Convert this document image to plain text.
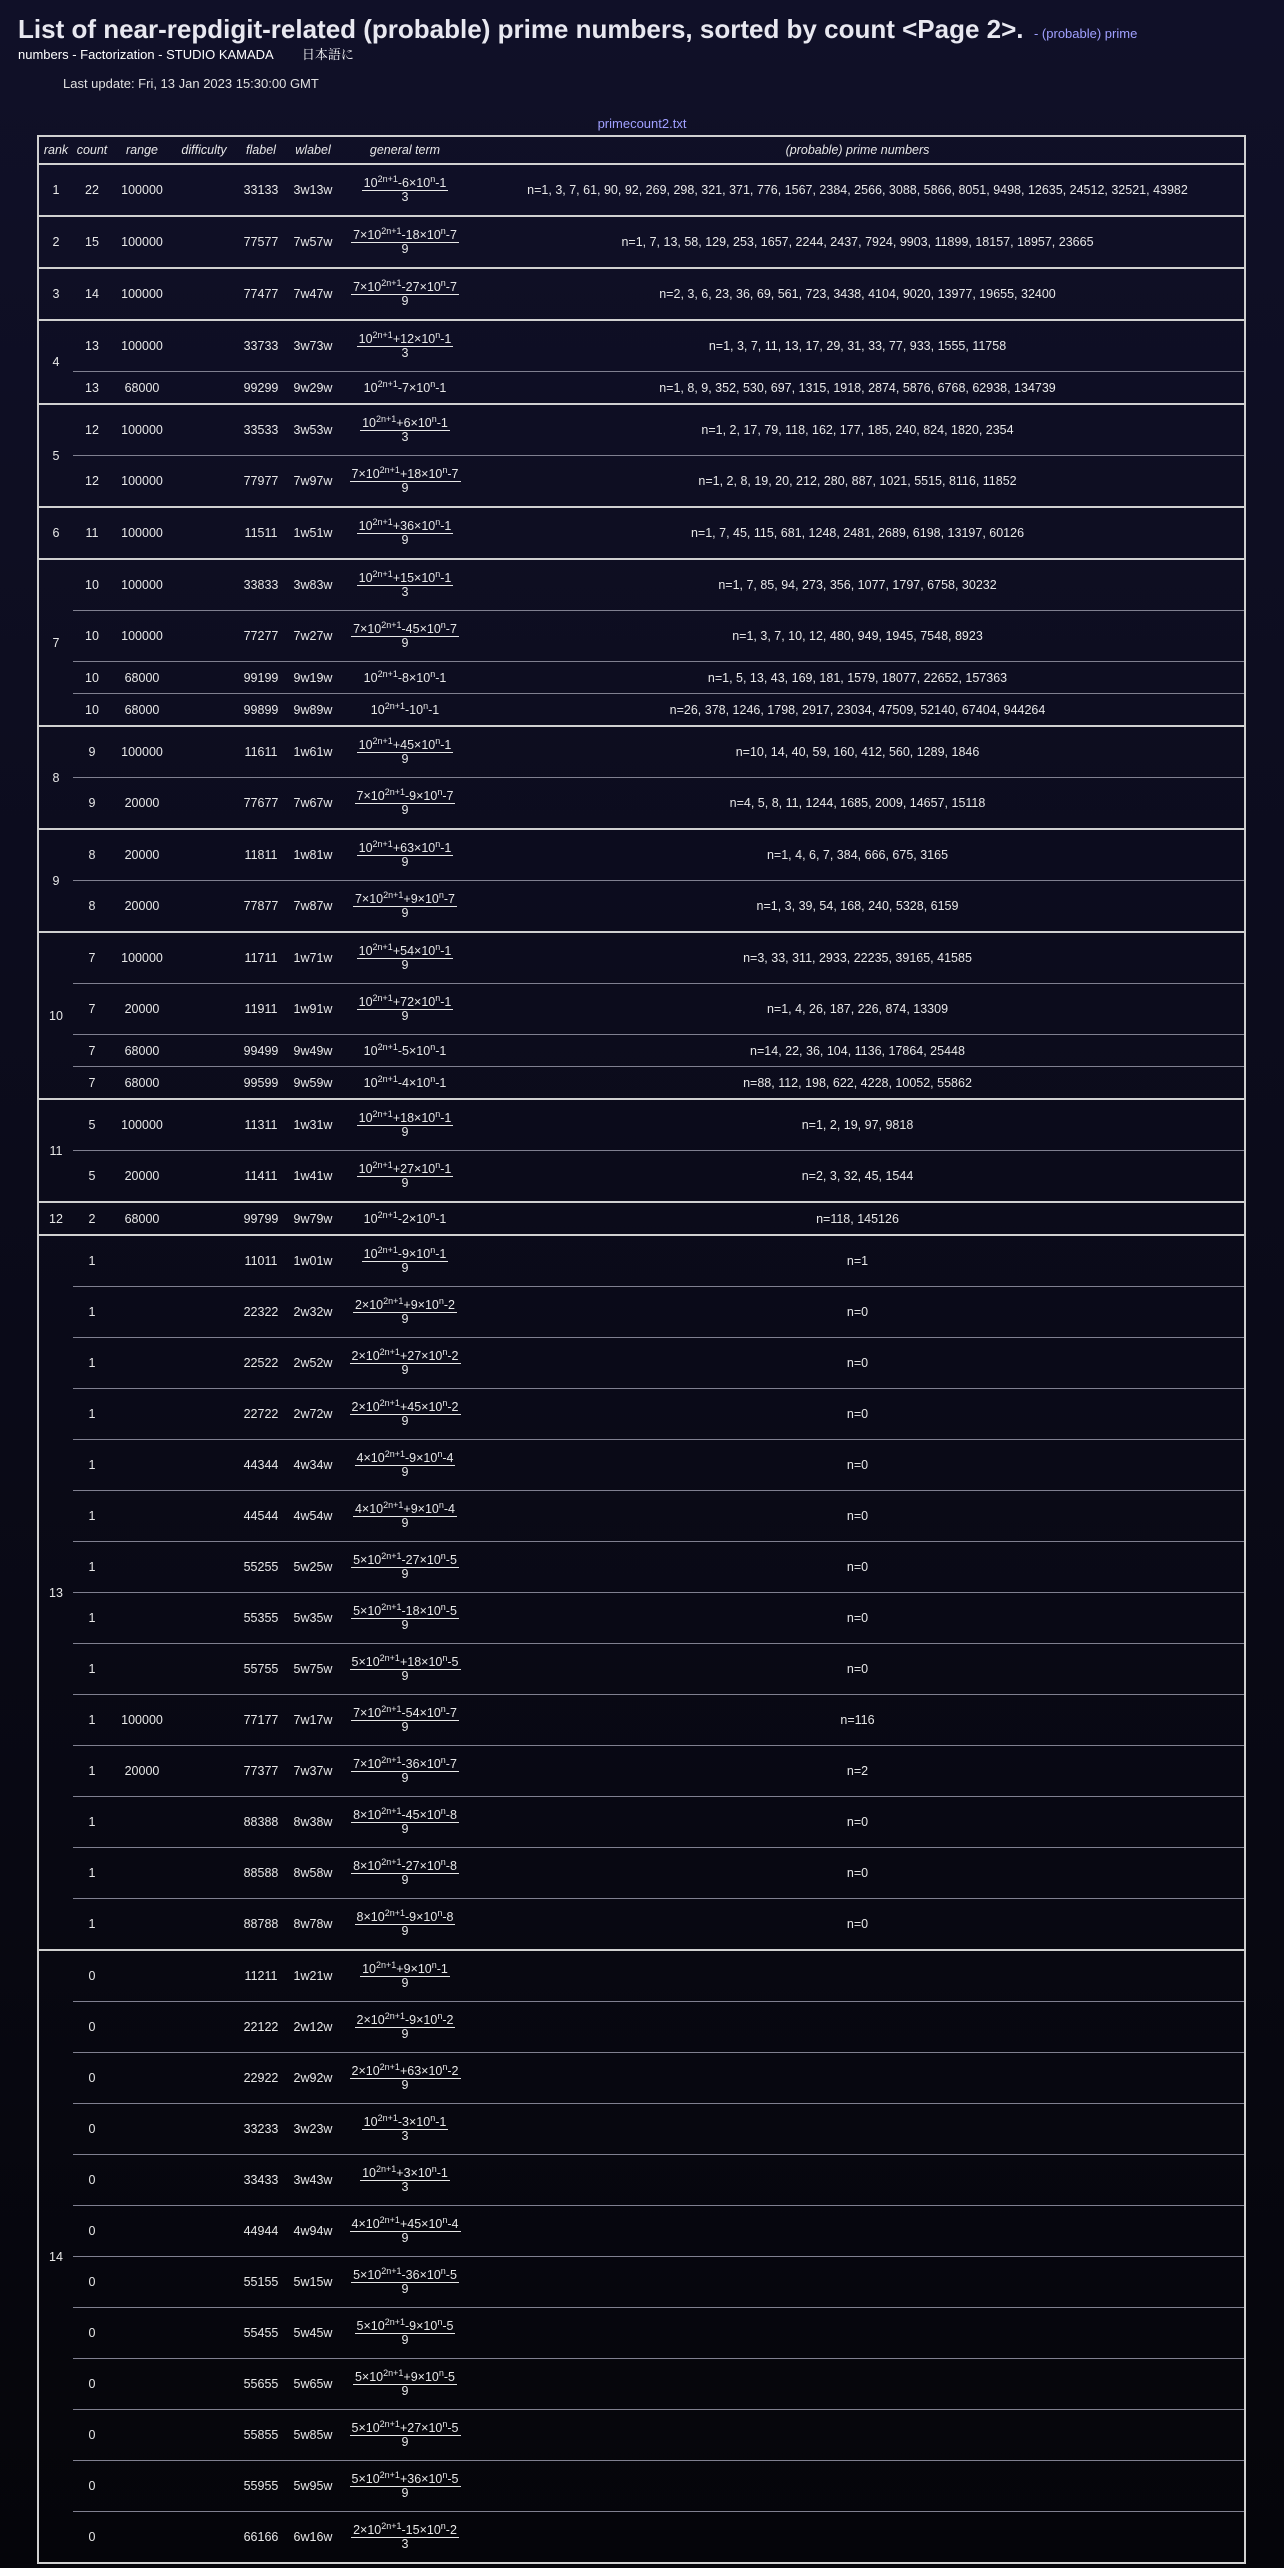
List of near-repdigit-related (probable) prime numbers, sorted by count <Page 2>. - (probable) prime
numbers - Factorization - STUDIO KAMADA 日本語に
Last update: Fri, 13 Jan 2023 15:30:00 GMT
primecount2.txt
rank	count	range	difficulty	flabel	wlabel	general term	(probable) prime numbers
1	22	100000		33133	3w13w	$\frac{10^{2n+1}-6\times 10^n-1}{3}$	n=1, 3, 7, 61, 90, 92, 269, 298, 321, 371, 776, 1567, 2384, 2566, 3088, 5866, 8051, 9498, 12635, 24512, 32521, 43982
2	15	100000		77577	7w57w	$\frac{7\times 10^{2n+1}-18\times 10^n-7}{9}$	n=1, 7, 13, 58, 129, 253, 1657, 2244, 2437, 7924, 9903, 11899, 18157, 18957, 23665
3	14	100000		77477	7w47w	$\frac{7\times 10^{2n+1}-27\times 10^n-7}{9}$	n=2, 3, 6, 23, 36, 69, 561, 723, 3438, 4104, 9020, 13977, 19655, 32400
4	13	100000		33733	3w73w	$\frac{10^{2n+1}+12\times 10^n-1}{3}$	n=1, 3, 7, 11, 13, 17, 29, 31, 33, 77, 933, 1555, 11758
	13	68000		99299	9w29w	$10^{2n+1}-7\times 10^n-1$	n=1, 8, 9, 352, 530, 697, 1315, 1918, 2874, 5876, 6768, 62938, 134739
5	12	100000		33533	3w53w	$\frac{10^{2n+1}+6\times 10^n-1}{3}$	n=1, 2, 17, 79, 118, 162, 177, 185, 240, 824, 1820, 2354
	12	100000		77977	7w97w	$\frac{7\times 10^{2n+1}+18\times 10^n-7}{9}$	n=1, 2, 8, 19, 20, 212, 280, 887, 1021, 5515, 8116, 11852
6	11	100000		11511	1w51w	$\frac{10^{2n+1}+36\times 10^n-1}{9}$	n=1, 7, 45, 115, 681, 1248, 2481, 2689, 6198, 13197, 60126
7	10	100000		33833	3w83w	$\frac{10^{2n+1}+15\times 10^n-1}{3}$	n=1, 7, 85, 94, 273, 356, 1077, 1797, 6758, 30232
	10	100000		77277	7w27w	$\frac{7\times 10^{2n+1}-45\times 10^n-7}{9}$	n=1, 3, 7, 10, 12, 480, 949, 1945, 7548, 8923
	10	68000		99199	9w19w	$10^{2n+1}-8\times 10^n-1$	n=1, 5, 13, 43, 169, 181, 1579, 18077, 22652, 157363
	10	68000		99899	9w89w	$10^{2n+1}-10^n-1$	n=26, 378, 1246, 1798, 2917, 23034, 47509, 52140, 67404, 944264
8	9	100000		11611	1w61w	$\frac{10^{2n+1}+45\times 10^n-1}{9}$	n=10, 14, 40, 59, 160, 412, 560, 1289, 1846
	9	20000		77677	7w67w	$\frac{7\times 10^{2n+1}-9\times 10^n-7}{9}$	n=4, 5, 8, 11, 1244, 1685, 2009, 14657, 15118
9	8	20000		11811	1w81w	$\frac{10^{2n+1}+63\times 10^n-1}{9}$	n=1, 4, 6, 7, 384, 666, 675, 3165
	8	20000		77877	7w87w	$\frac{7\times 10^{2n+1}+9\times 10^n-7}{9}$	n=1, 3, 39, 54, 168, 240, 5328, 6159
10	7	100000		11711	1w71w	$\frac{10^{2n+1}+54\times 10^n-1}{9}$	n=3, 33, 311, 2933, 22235, 39165, 41585
	7	20000		11911	1w91w	$\frac{10^{2n+1}+72\times 10^n-1}{9}$	n=1, 4, 26, 187, 226, 874, 13309
	7	68000		99499	9w49w	$10^{2n+1}-5\times 10^n-1$	n=14, 22, 36, 104, 1136, 17864, 25448
	7	68000		99599	9w59w	$10^{2n+1}-4\times 10^n-1$	n=88, 112, 198, 622, 4228, 10052, 55862
11	5	100000		11311	1w31w	$\frac{10^{2n+1}+18\times 10^n-1}{9}$	n=1, 2, 19, 97, 9818
	5	20000		11411	1w41w	$\frac{10^{2n+1}+27\times 10^n-1}{9}$	n=2, 3, 32, 45, 1544
12	2	68000		99799	9w79w	$10^{2n+1}-2\times 10^n-1$	n=118, 145126
13	1			11011	1w01w	$\frac{10^{2n+1}-9\times 10^n-1}{9}$	n=1
	1			22322	2w32w	$\frac{2\times 10^{2n+1}+9\times 10^n-2}{9}$	n=0
	1			22522	2w52w	$\frac{2\times 10^{2n+1}+27\times 10^n-2}{9}$	n=0
	1			22722	2w72w	$\frac{2\times 10^{2n+1}+45\times 10^n-2}{9}$	n=0
	1			44344	4w34w	$\frac{4\times 10^{2n+1}-9\times 10^n-4}{9}$	n=0
	1			44544	4w54w	$\frac{4\times 10^{2n+1}+9\times 10^n-4}{9}$	n=0
	1			55255	5w25w	$\frac{5\times 10^{2n+1}-27\times 10^n-5}{9}$	n=0
	1			55355	5w35w	$\frac{5\times 10^{2n+1}-18\times 10^n-5}{9}$	n=0
	1			55755	5w75w	$\frac{5\times 10^{2n+1}+18\times 10^n-5}{9}$	n=0
	1	100000		77177	7w17w	$\frac{7\times 10^{2n+1}-54\times 10^n-7}{9}$	n=116
	1	20000		77377	7w37w	$\frac{7\times 10^{2n+1}-36\times 10^n-7}{9}$	n=2
	1			88388	8w38w	$\frac{8\times 10^{2n+1}-45\times 10^n-8}{9}$	n=0
	1			88588	8w58w	$\frac{8\times 10^{2n+1}-27\times 10^n-8}{9}$	n=0
	1			88788	8w78w	$\frac{8\times 10^{2n+1}-9\times 10^n-8}{9}$	n=0
14	0			11211	1w21w	$\frac{10^{2n+1}+9\times 10^n-1}{9}$

	0			22122	2w12w	$\frac{2\times 10^{2n+1}-9\times 10^n-2}{9}$

	0			22922	2w92w	$\frac{2\times 10^{2n+1}+63\times 10^n-2}{9}$

	0			33233	3w23w	$\frac{10^{2n+1}-3\times 10^n-1}{3}$

	0			33433	3w43w	$\frac{10^{2n+1}+3\times 10^n-1}{3}$

	0			44944	4w94w	$\frac{4\times 10^{2n+1}+45\times 10^n-4}{9}$

	0			55155	5w15w	$\frac{5\times 10^{2n+1}-36\times 10^n-5}{9}$

	0			55455	5w45w	$\frac{5\times 10^{2n+1}-9\times 10^n-5}{9}$

	0			55655	5w65w	$\frac{5\times 10^{2n+1}+9\times 10^n-5}{9}$

	0			55855	5w85w	$\frac{5\times 10^{2n+1}+27\times 10^n-5}{9}$

	0			55955	5w95w	$\frac{5\times 10^{2n+1}+36\times 10^n-5}{9}$

	0			66166	6w16w	$\frac{2\times 10^{2n+1}-15\times 10^n-2}{3}$
